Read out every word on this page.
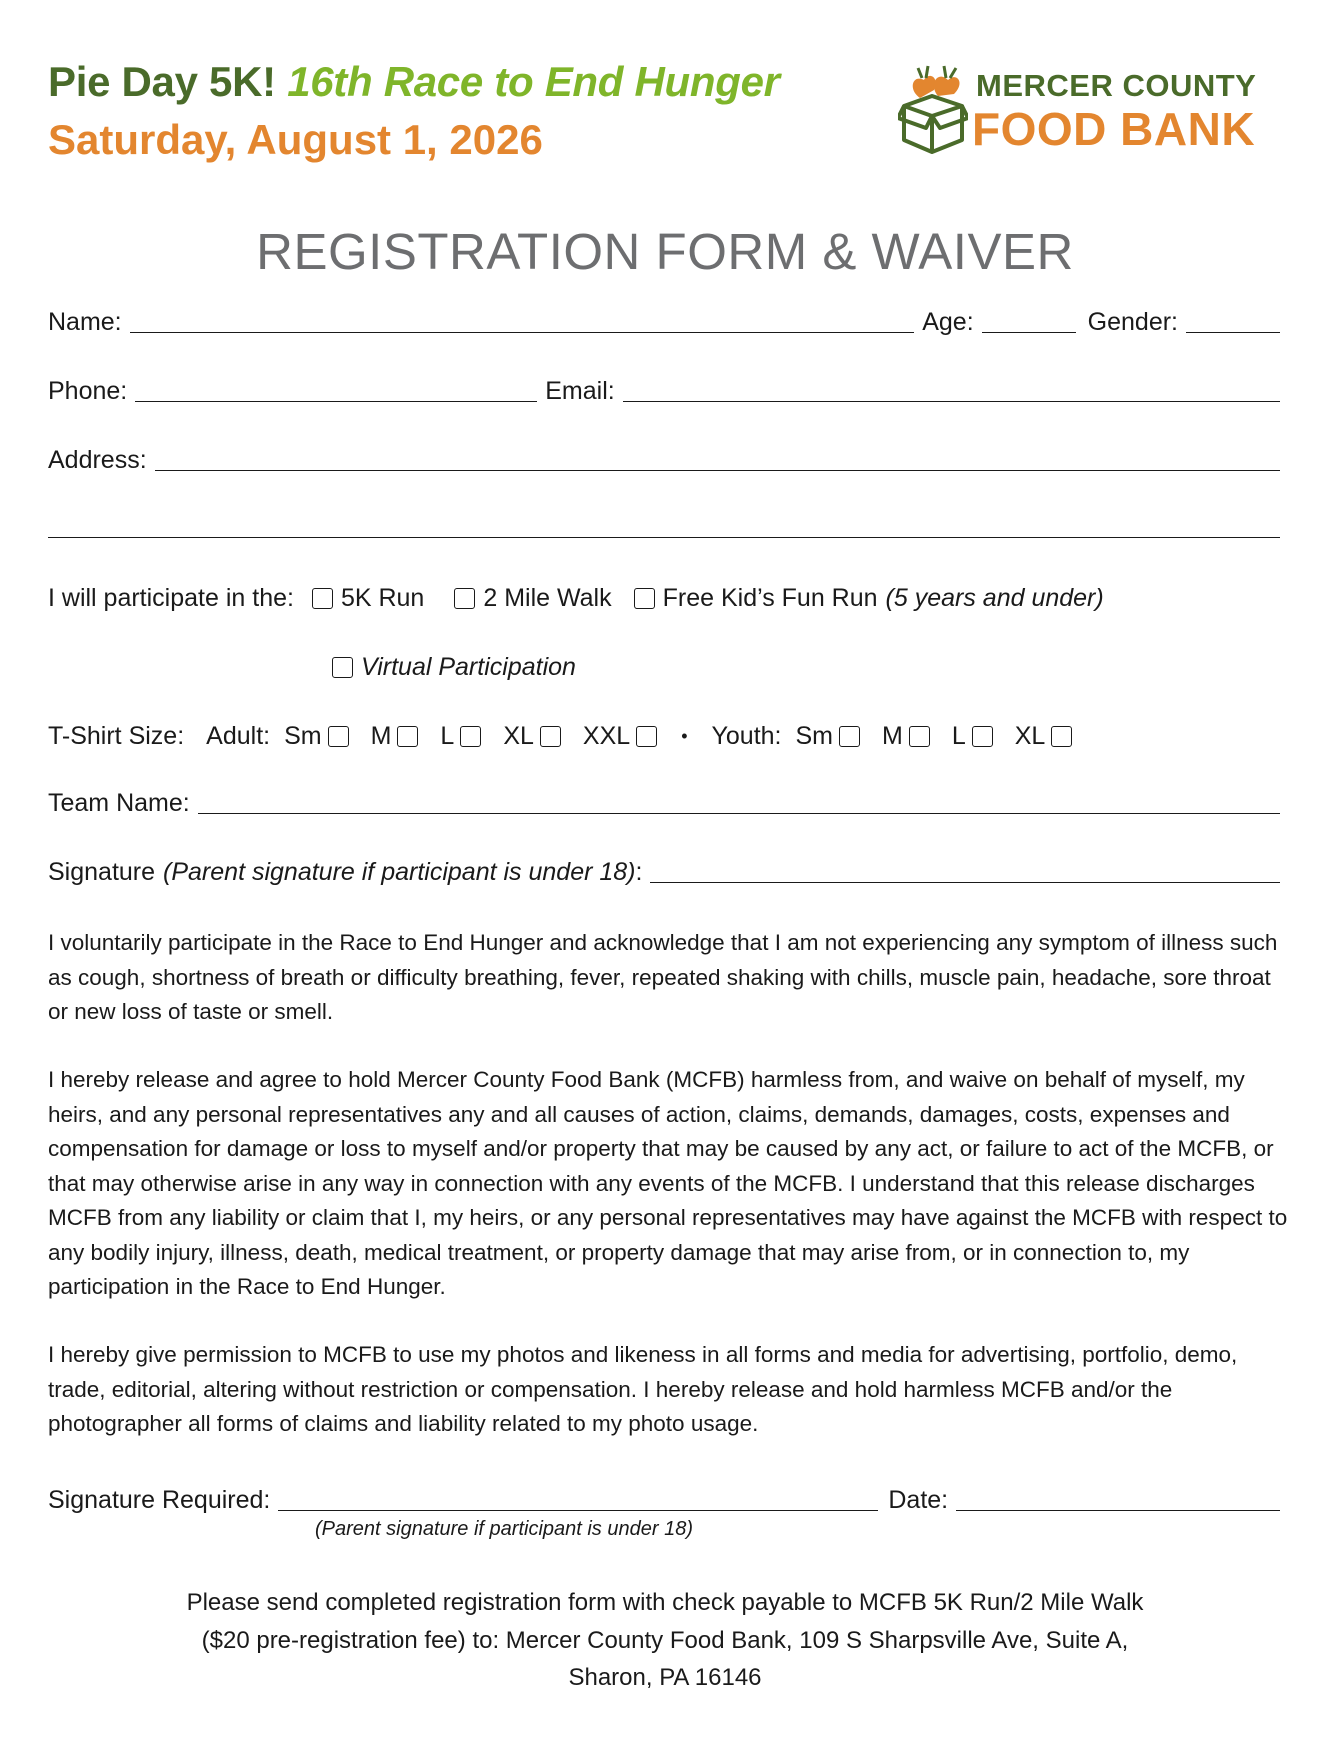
Pie Day 5K! 16th Race to End Hunger
Saturday, August 1, 2026
MERCER COUNTY
FOOD BANK
REGISTRATION FORM & WAIVER
Name:	Age:	Gender:
Phone:	Email:
Address:
I will participate in the: 5K Run 2 Mile Walk Free Kid’s Fun Run (5 years and under)
Virtual Participation
T-Shirt Size: Adult: Sm M L XL XXL	• Youth: Sm M L XL
Team Name:
Signature (Parent signature if participant is under 18) :
I voluntarily participate in the Race to End Hunger and acknowledge that I am not experiencing any symptom of illness such as cough, shortness of breath or difficulty breathing, fever, repeated shaking with chills, muscle pain, headache, sore throat or new loss of taste or smell.
I hereby release and agree to hold Mercer County Food Bank (MCFB) harmless from, and waive on behalf of myself, my heirs, and any personal representatives any and all causes of action, claims, demands, damages, costs, expenses and compensation for damage or loss to myself and/or property that may be caused by any act, or failure to act of the MCFB, or that may otherwise arise in any way in connection with any events of the MCFB. I understand that this release discharges MCFB from any liability or claim that I, my heirs, or any personal representatives may have against the MCFB with respect to any bodily injury, illness, death, medical treatment, or property damage that may arise from, or in connection to, my participation in the Race to End Hunger.
I hereby give permission to MCFB to use my photos and likeness in all forms and media for advertising, portfolio, demo, trade, editorial, altering without restriction or compensation. I hereby release and hold harmless MCFB and/or the photographer all forms of claims and liability related to my photo usage.
Signature Required:	Date:
(Parent signature if participant is under 18)
Please send completed registration form with check payable to MCFB 5K Run/2 Mile Walk
($20 pre-registration fee) to: Mercer County Food Bank, 109 S Sharpsville Ave, Suite A,
Sharon, PA 16146
